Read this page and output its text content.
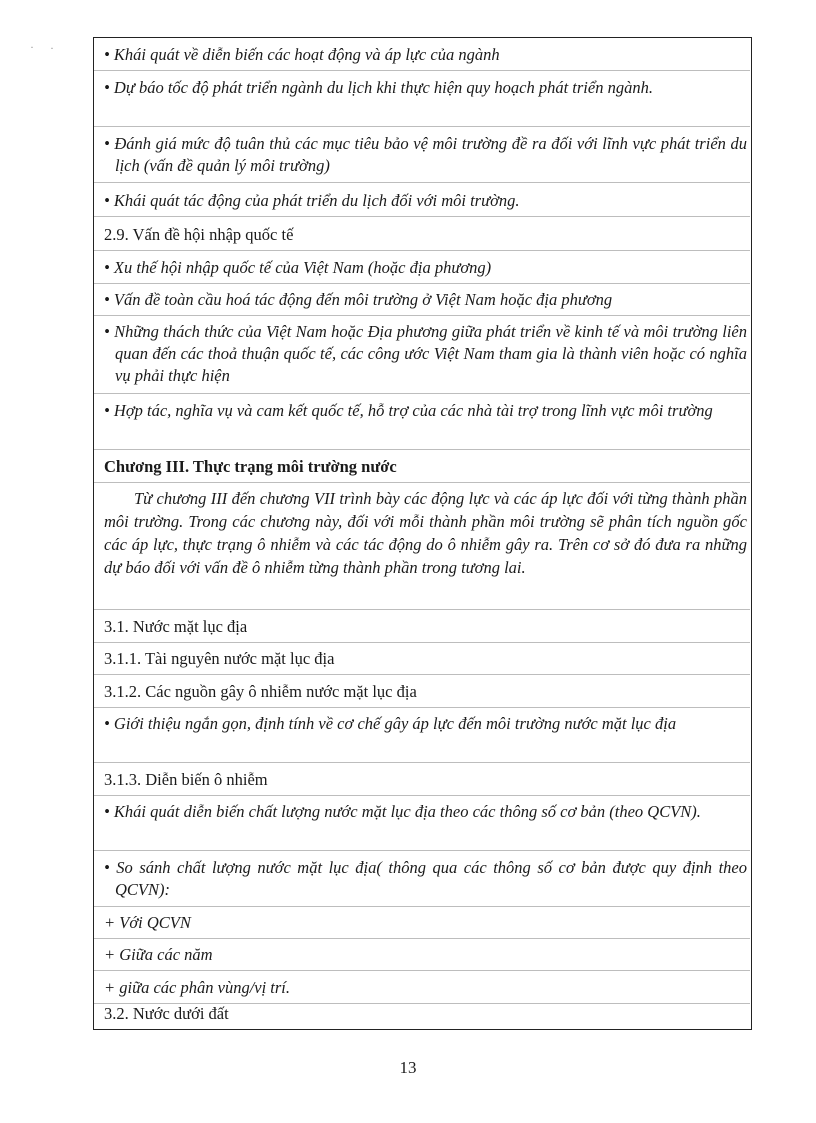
· ·	• Khái quát về diễn biến các hoạt động và áp lực của ngành
• Dự báo tốc độ phát triển ngành du lịch khi thực hiện quy hoạch phát triển ngành.
• Đánh giá mức độ tuân thủ các mục tiêu bảo vệ môi trường đề ra đối với lĩnh vực phát triển du lịch (vấn đề quản lý môi trường)
• Khái quát tác động của phát triển du lịch đối với môi trường.
2.9. Vấn đề hội nhập quốc tế
• Xu thế hội nhập quốc tế của Việt Nam (hoặc địa phương)
• Vấn đề toàn cầu hoá tác động đến môi trường ở Việt Nam hoặc địa phương
• Những thách thức của Việt Nam hoặc Địa phương giữa phát triển về kinh tế và môi trường liên quan đến các thoả thuận quốc tế, các công ước Việt Nam tham gia là thành viên hoặc có nghĩa vụ phải thực hiện
• Hợp tác, nghĩa vụ và cam kết quốc tế, hỗ trợ của các nhà tài trợ trong lĩnh vực môi trường
Chương III. Thực trạng môi trường nước
Từ chương III đến chương VII trình bày các động lực và các áp lực đối với từng thành phần môi trường. Trong các chương này, đối với mỗi thành phần môi trường sẽ phân tích nguồn gốc các áp lực, thực trạng ô nhiễm và các tác động do ô nhiễm gây ra. Trên cơ sở đó đưa ra những dự báo đối với vấn đề ô nhiễm từng thành phần trong tương lai.
3.1. Nước mặt lục địa
3.1.1. Tài nguyên nước mặt lục địa
3.1.2. Các nguồn gây ô nhiễm nước mặt lục địa
• Giới thiệu ngắn gọn, định tính về cơ chế gây áp lực đến môi trường nước mặt lục địa
3.1.3. Diễn biến ô nhiễm
• Khái quát diễn biến chất lượng nước mặt lục địa theo các thông số cơ bản (theo QCVN).
• So sánh chất lượng nước mặt lục địa( thông qua các thông số cơ bản được quy định theo QCVN):
+ Với QCVN
+ Giữa các năm
+ giữa các phân vùng/vị trí.
3.2. Nước dưới đất
13
